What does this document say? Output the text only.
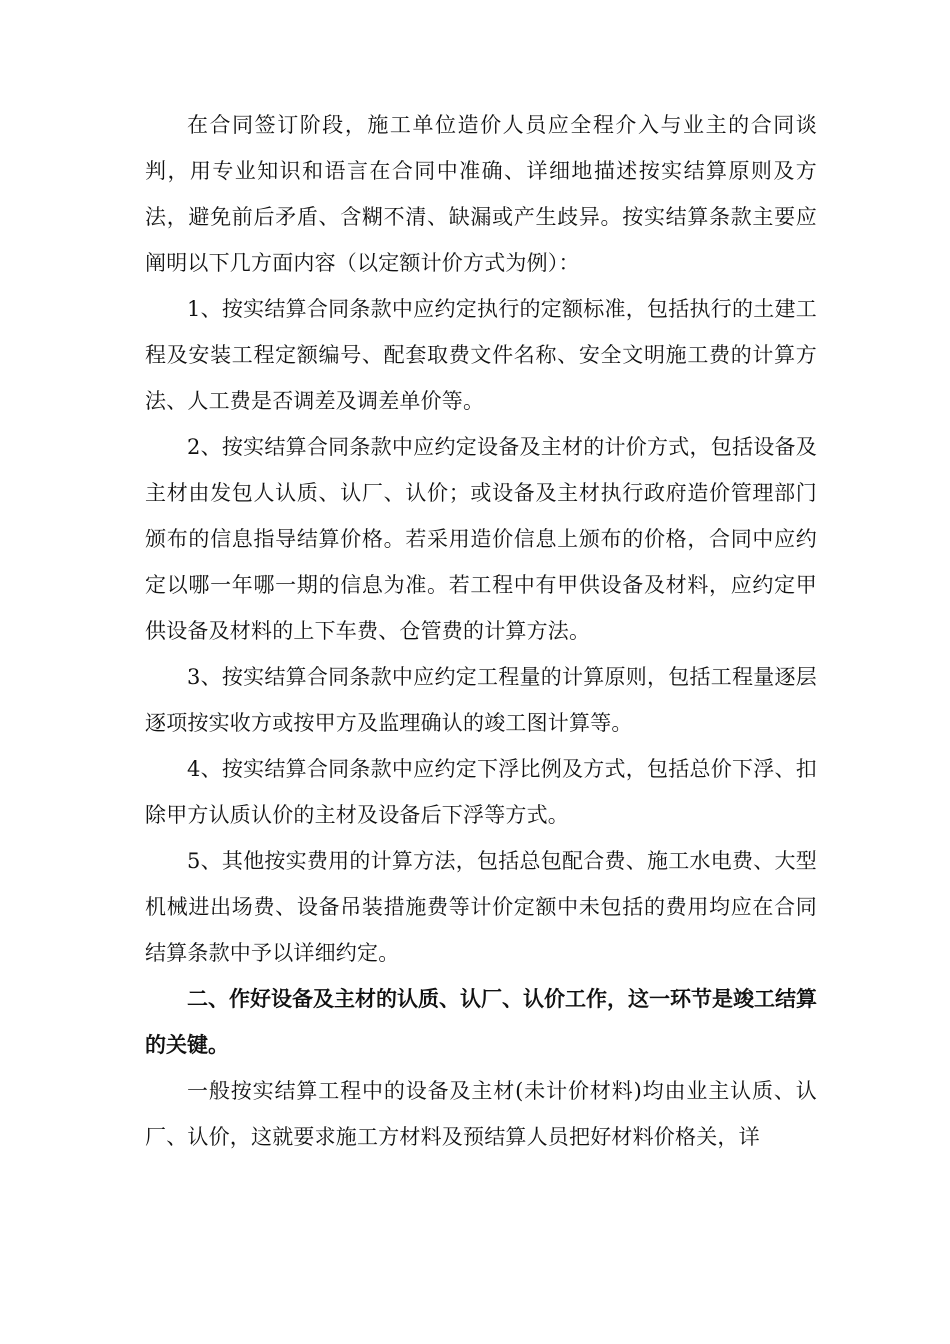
在合同签订阶段，施工单位造价人员应全程介入与业主的合同谈判，用专业知识和语言在合同中准确、详细地描述按实结算原则及方法，避免前后矛盾、含糊不清、缺漏或产生歧异。按实结算条款主要应阐明以下几方面内容（以定额计价方式为例）：

1、按实结算合同条款中应约定执行的定额标准，包括执行的土建工程及安装工程定额编号、配套取费文件名称、安全文明施工费的计算方法、人工费是否调差及调差单价等。

2、按实结算合同条款中应约定设备及主材的计价方式，包括设备及主材由发包人认质、认厂、认价；或设备及主材执行政府造价管理部门颁布的信息指导结算价格。若采用造价信息上颁布的价格，合同中应约定以哪一年哪一期的信息为准。若工程中有甲供设备及材料，应约定甲供设备及材料的上下车费、仓管费的计算方法。

3、按实结算合同条款中应约定工程量的计算原则，包括工程量逐层逐项按实收方或按甲方及监理确认的竣工图计算等。

4、按实结算合同条款中应约定下浮比例及方式，包括总价下浮、扣除甲方认质认价的主材及设备后下浮等方式。

5、其他按实费用的计算方法，包括总包配合费、施工水电费、大型机械进出场费、设备吊装措施费等计价定额中未包括的费用均应在合同结算条款中予以详细约定。

二、作好设备及主材的认质、认厂、认价工作，这一环节是竣工结算的关键。

一般按实结算工程中的设备及主材(未计价材料)均由业主认质、认厂、认价，这就要求施工方材料及预结算人员把好材料价格关，详
